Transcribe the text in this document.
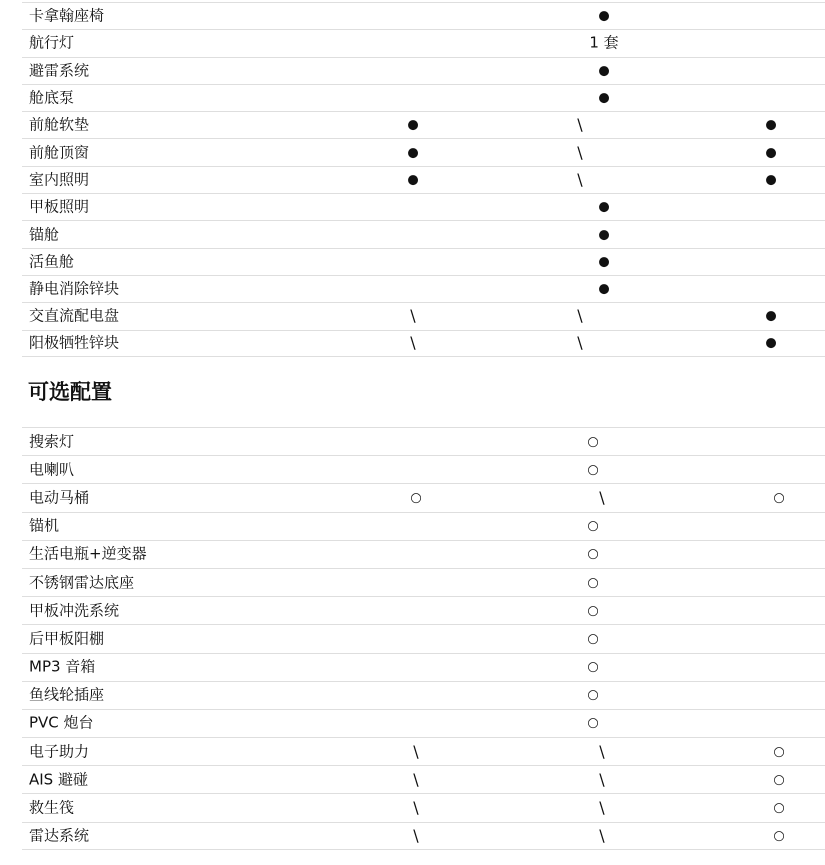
卡拿翰座椅	●
航行灯	1 套
避雷系统	●
舱底泵	●
前舱软垫	●	\	●
前舱顶窗	●	\	●
室内照明	●	\	●
甲板照明	●
锚舱	●
活鱼舱	●
静电消除锌块	●
交直流配电盘	\	\	●
阳极牺牲锌块	\	\	●
可选配置
搜索灯	○
电喇叭	○
电动马桶	○	\	○
锚机	○
生活电瓶+逆变器	○
不锈钢雷达底座	○
甲板冲洗系统	○
后甲板阳棚	○
MP3 音箱	○
鱼线轮插座	○
PVC 炮台	○
电子助力	\	\	○
AIS 避碰	\	\	○
救生筏	\	\	○
雷达系统	\	\	○
